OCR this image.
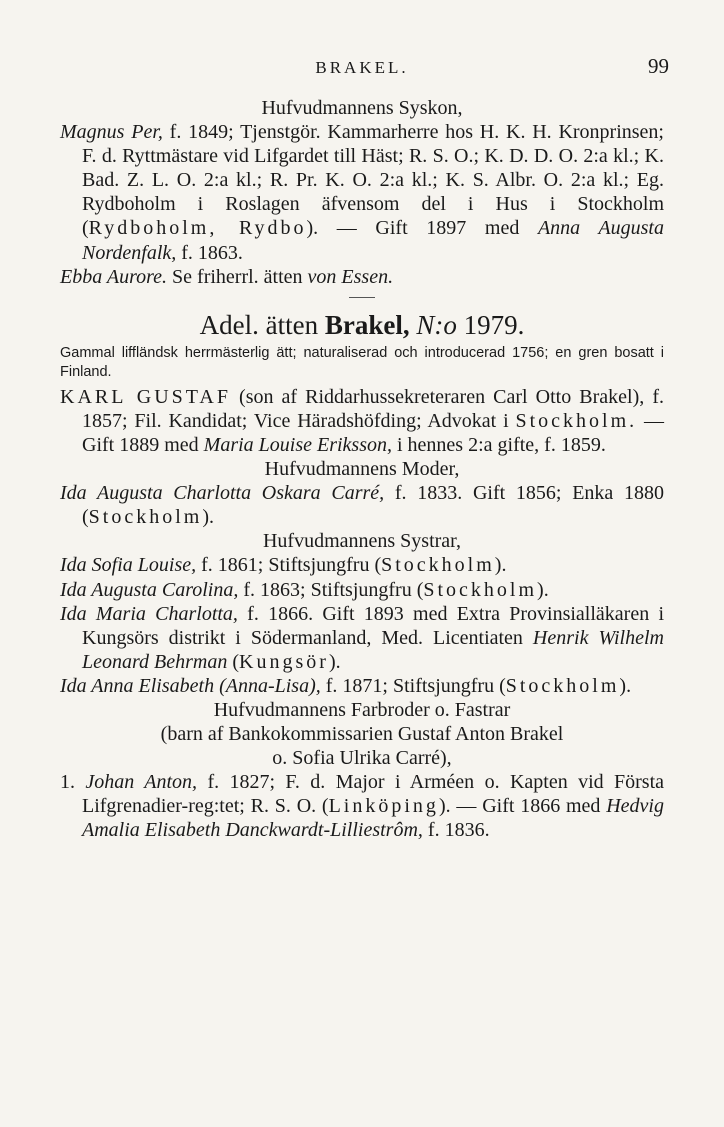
BRAKEL.	99

Hufvudmannens Syskon,

Magnus Per, f. 1849; Tjenstgör. Kammarherre hos H. K. H. Kronprinsen; F. d. Ryttmästare vid Lifgardet till Häst; R. S. O.; K. D. D. O. 2:a kl.; K. Bad. Z. L. O. 2:a kl.; R. Pr. K. O. 2:a kl.; K. S. Albr. O. 2:a kl.; Eg. Rydboholm i Roslagen äfvensom del i Hus i Stockholm (Rydboholm, Rydbo). — Gift 1897 med Anna Augusta Nordenfalk, f. 1863.

Ebba Aurore. Se friherrl. ätten von Essen.

Adel. ätten Brakel, N:o 1979.

Gammal liffländsk herrmästerlig ätt; naturaliserad och introducerad 1756; en gren bosatt i Finland.

KARL GUSTAF (son af Riddarhussekreteraren Carl Otto Brakel), f. 1857; Fil. Kandidat; Vice Häradshöfding; Advokat i Stockholm. — Gift 1889 med Maria Louise Eriksson, i hennes 2:a gifte, f. 1859.

Hufvudmannens Moder,

Ida Augusta Charlotta Oskara Carré, f. 1833. Gift 1856; Enka 1880 (Stockholm).

Hufvudmannens Systrar,

Ida Sofia Louise, f. 1861; Stiftsjungfru (Stockholm).

Ida Augusta Carolina, f. 1863; Stiftsjungfru (Stockholm).

Ida Maria Charlotta, f. 1866. Gift 1893 med Extra Provinsialläkaren i Kungsörs distrikt i Södermanland, Med. Licentiaten Henrik Wilhelm Leonard Behrman (Kungsör).

Ida Anna Elisabeth (Anna-Lisa), f. 1871; Stiftsjungfru (Stockholm).

Hufvudmannens Farbroder o. Fastrar

(barn af Bankokommissarien Gustaf Anton Brakel

o. Sofia Ulrika Carré),

1. Johan Anton, f. 1827; F. d. Major i Arméen o. Kapten vid Första Lifgrenadier-reg:tet; R. S. O. (Linköping). — Gift 1866 med Hedvig Amalia Elisabeth Danckwardt-Lilliestrôm, f. 1836.
